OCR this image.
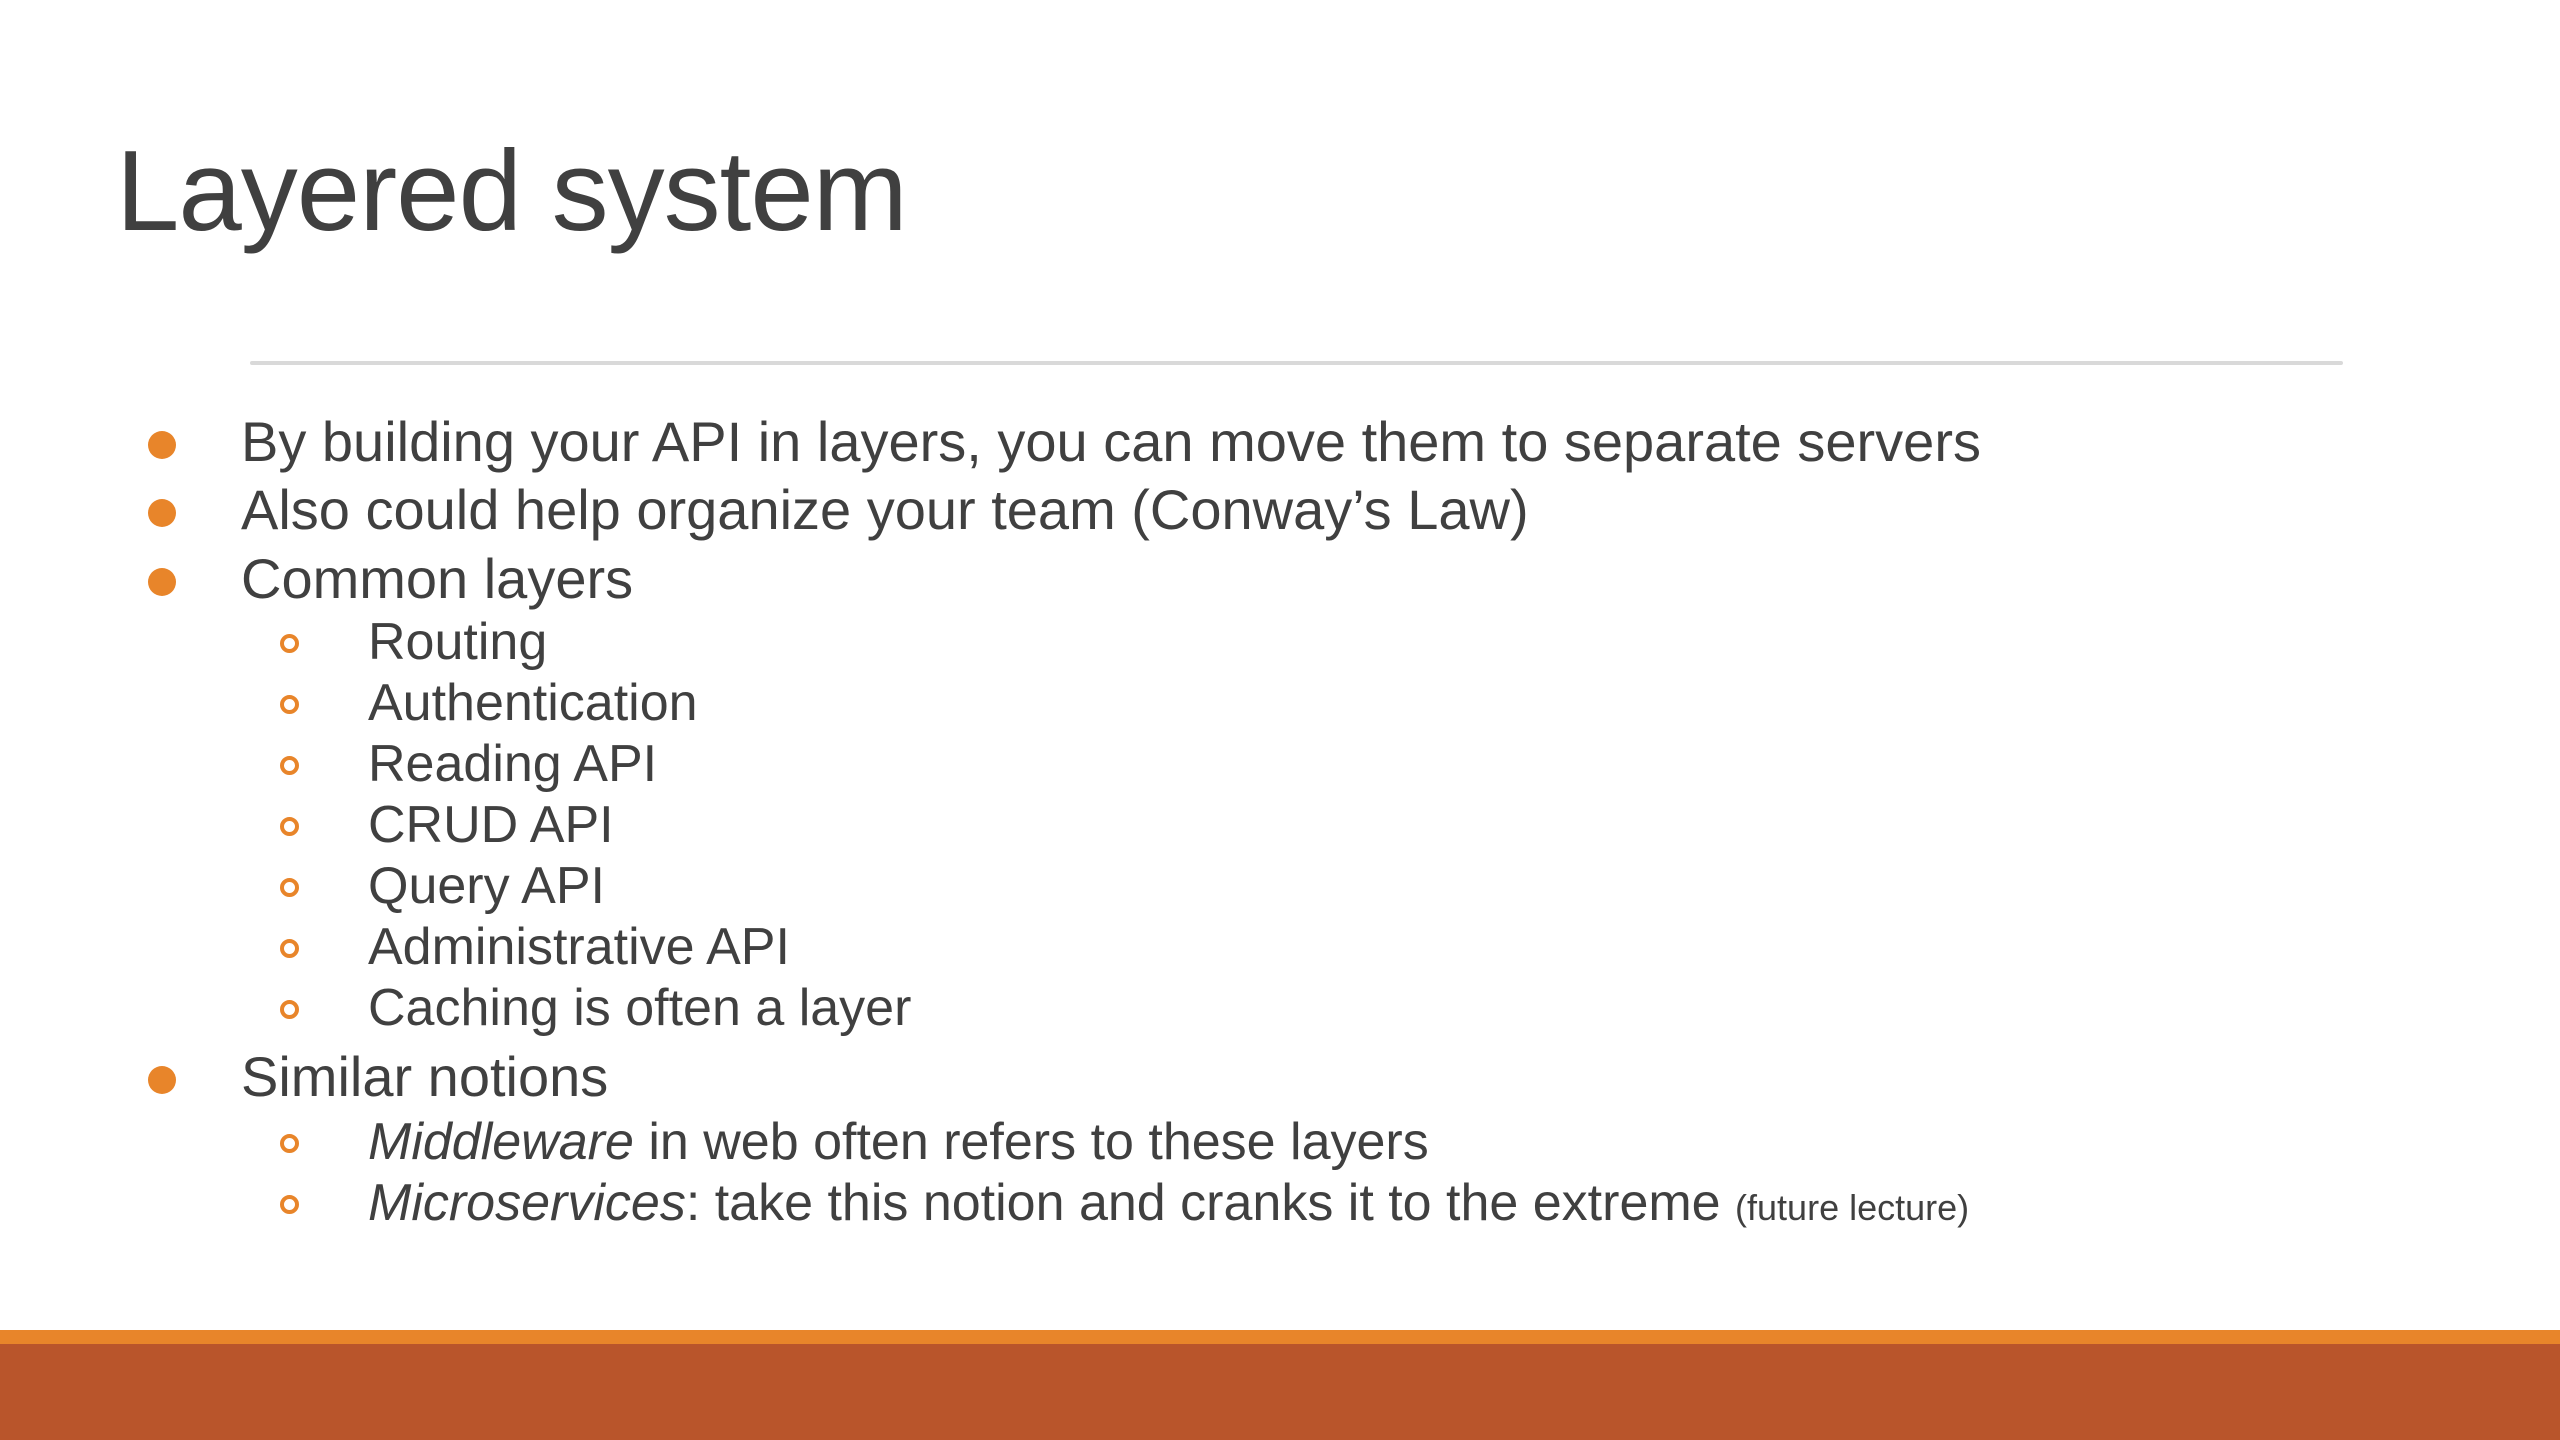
Layered system
By building your API in layers, you can move them to separate servers
Also could help organize your team (Conway’s Law)
Common layers
Routing
Authentication
Reading API
CRUD API
Query API
Administrative API
Caching is often a layer
Similar notions
Middleware in web often refers to these layers
Microservices: take this notion and cranks it to the extreme (future lecture)
